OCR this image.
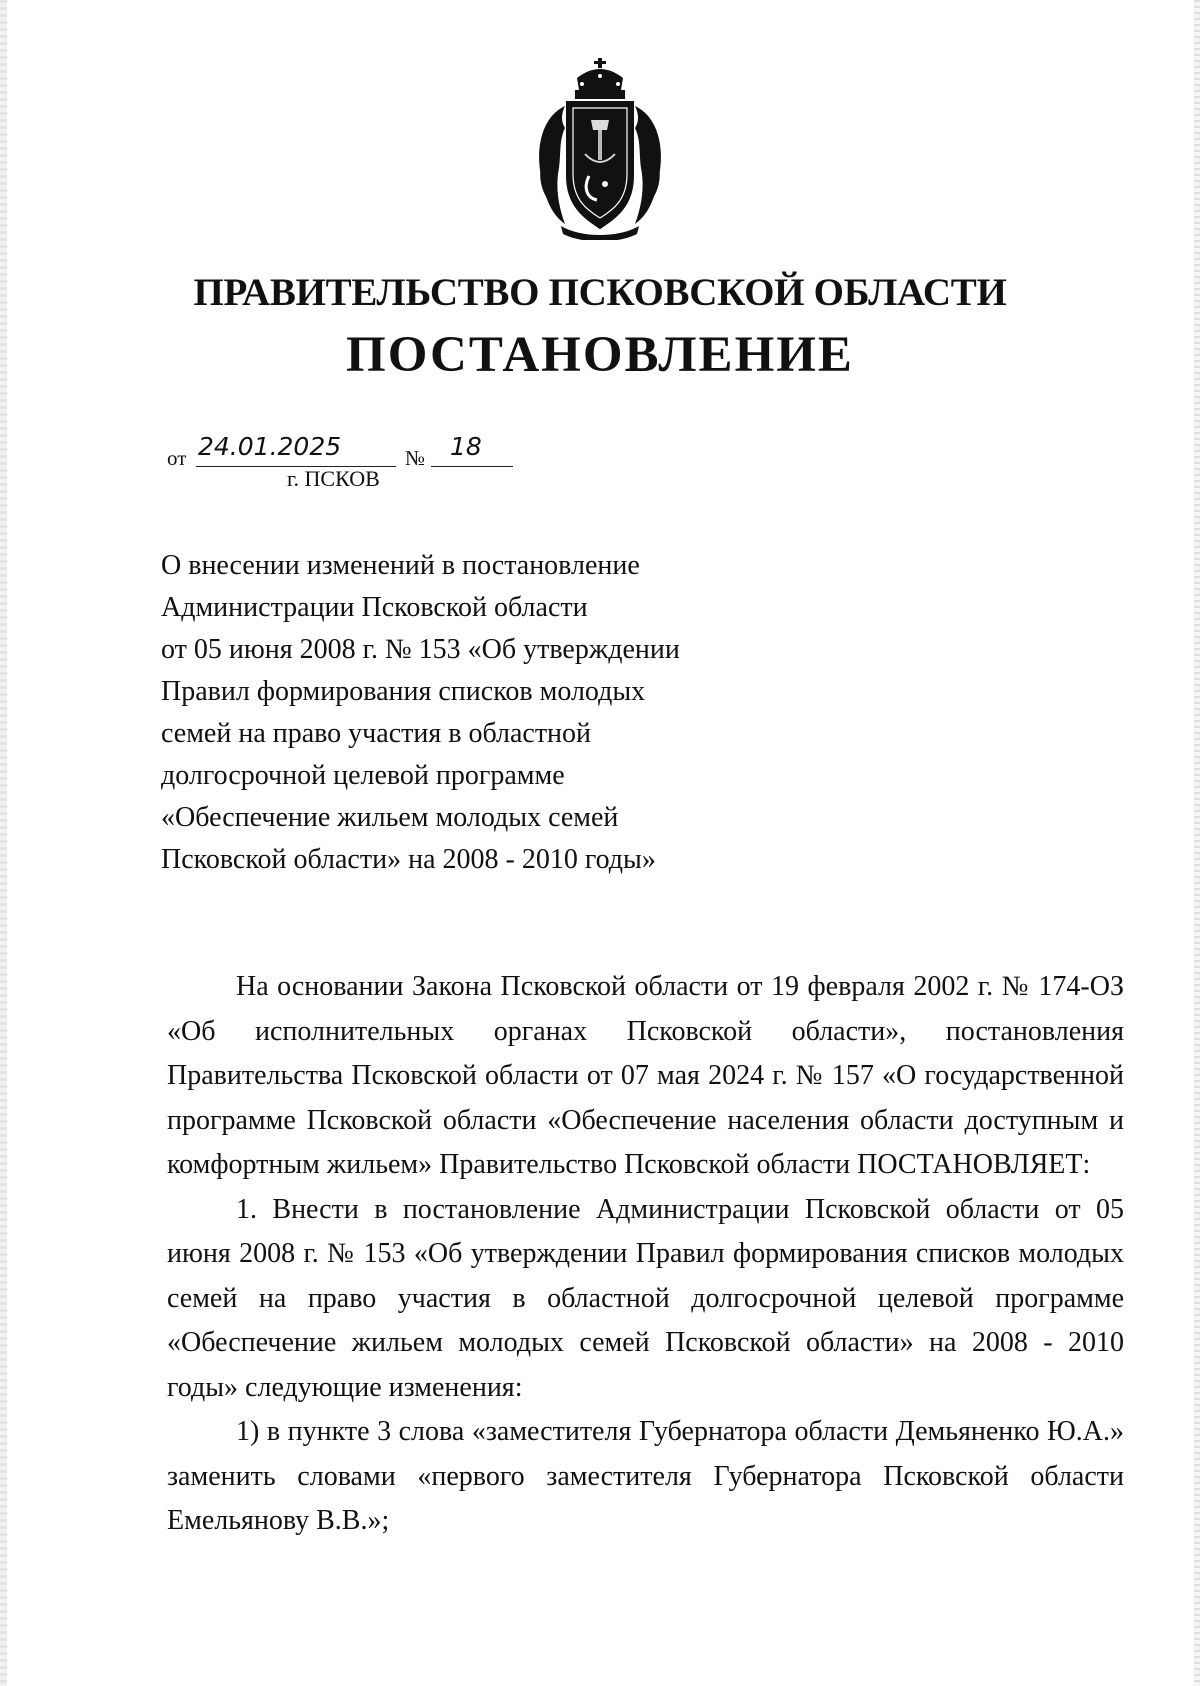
ПРАВИТЕЛЬСТВО ПСКОВСКОЙ ОБЛАСТИ
ПОСТАНОВЛЕНИЕ
от 24.01.2025	№ 18
г. ПСКОВ
О внесении изменений в постановление
Администрации Псковской области
от 05 июня 2008 г. № 153 «Об утверждении
Правил формирования списков молодых
семей на право участия в областной
долгосрочной целевой программе
«Обеспечение жильем молодых семей
Псковской области» на 2008 - 2010 годы»

На основании Закона Псковской области от 19 февраля 2002 г. № 174-ОЗ «Об исполнительных органах Псковской области», постановления Правительства Псковской области от 07 мая 2024 г. № 157 «О государственной программе Псковской области «Обеспечение населения области доступным и комфортным жильем» Правительство Псковской области ПОСТАНОВЛЯЕТ:

1. Внести в постановление Администрации Псковской области от 05 июня 2008 г. № 153 «Об утверждении Правил формирования списков молодых семей на право участия в областной долгосрочной целевой программе «Обеспечение жильем молодых семей Псковской области» на 2008 - 2010 годы» следующие изменения:

1) в пункте 3 слова «заместителя Губернатора области Демьяненко Ю.А.» заменить словами «первого заместителя Губернатора Псковской области Емельянову В.В.»;
